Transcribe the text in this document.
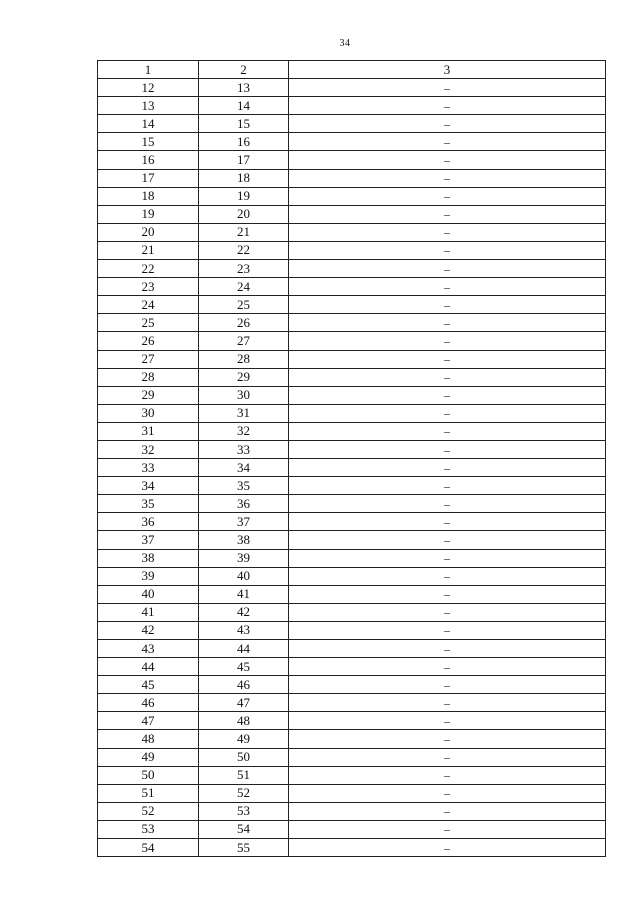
34
1	2	3
12	13	–
13	14	–
14	15	–
15	16	–
16	17	–
17	18	–
18	19	–
19	20	–
20	21	–
21	22	–
22	23	–
23	24	–
24	25	–
25	26	–
26	27	–
27	28	–
28	29	–
29	30	–
30	31	–
31	32	–
32	33	–
33	34	–
34	35	–
35	36	–
36	37	–
37	38	–
38	39	–
39	40	–
40	41	–
41	42	–
42	43	–
43	44	–
44	45	–
45	46	–
46	47	–
47	48	–
48	49	–
49	50	–
50	51	–
51	52	–
52	53	–
53	54	–
54	55	–
